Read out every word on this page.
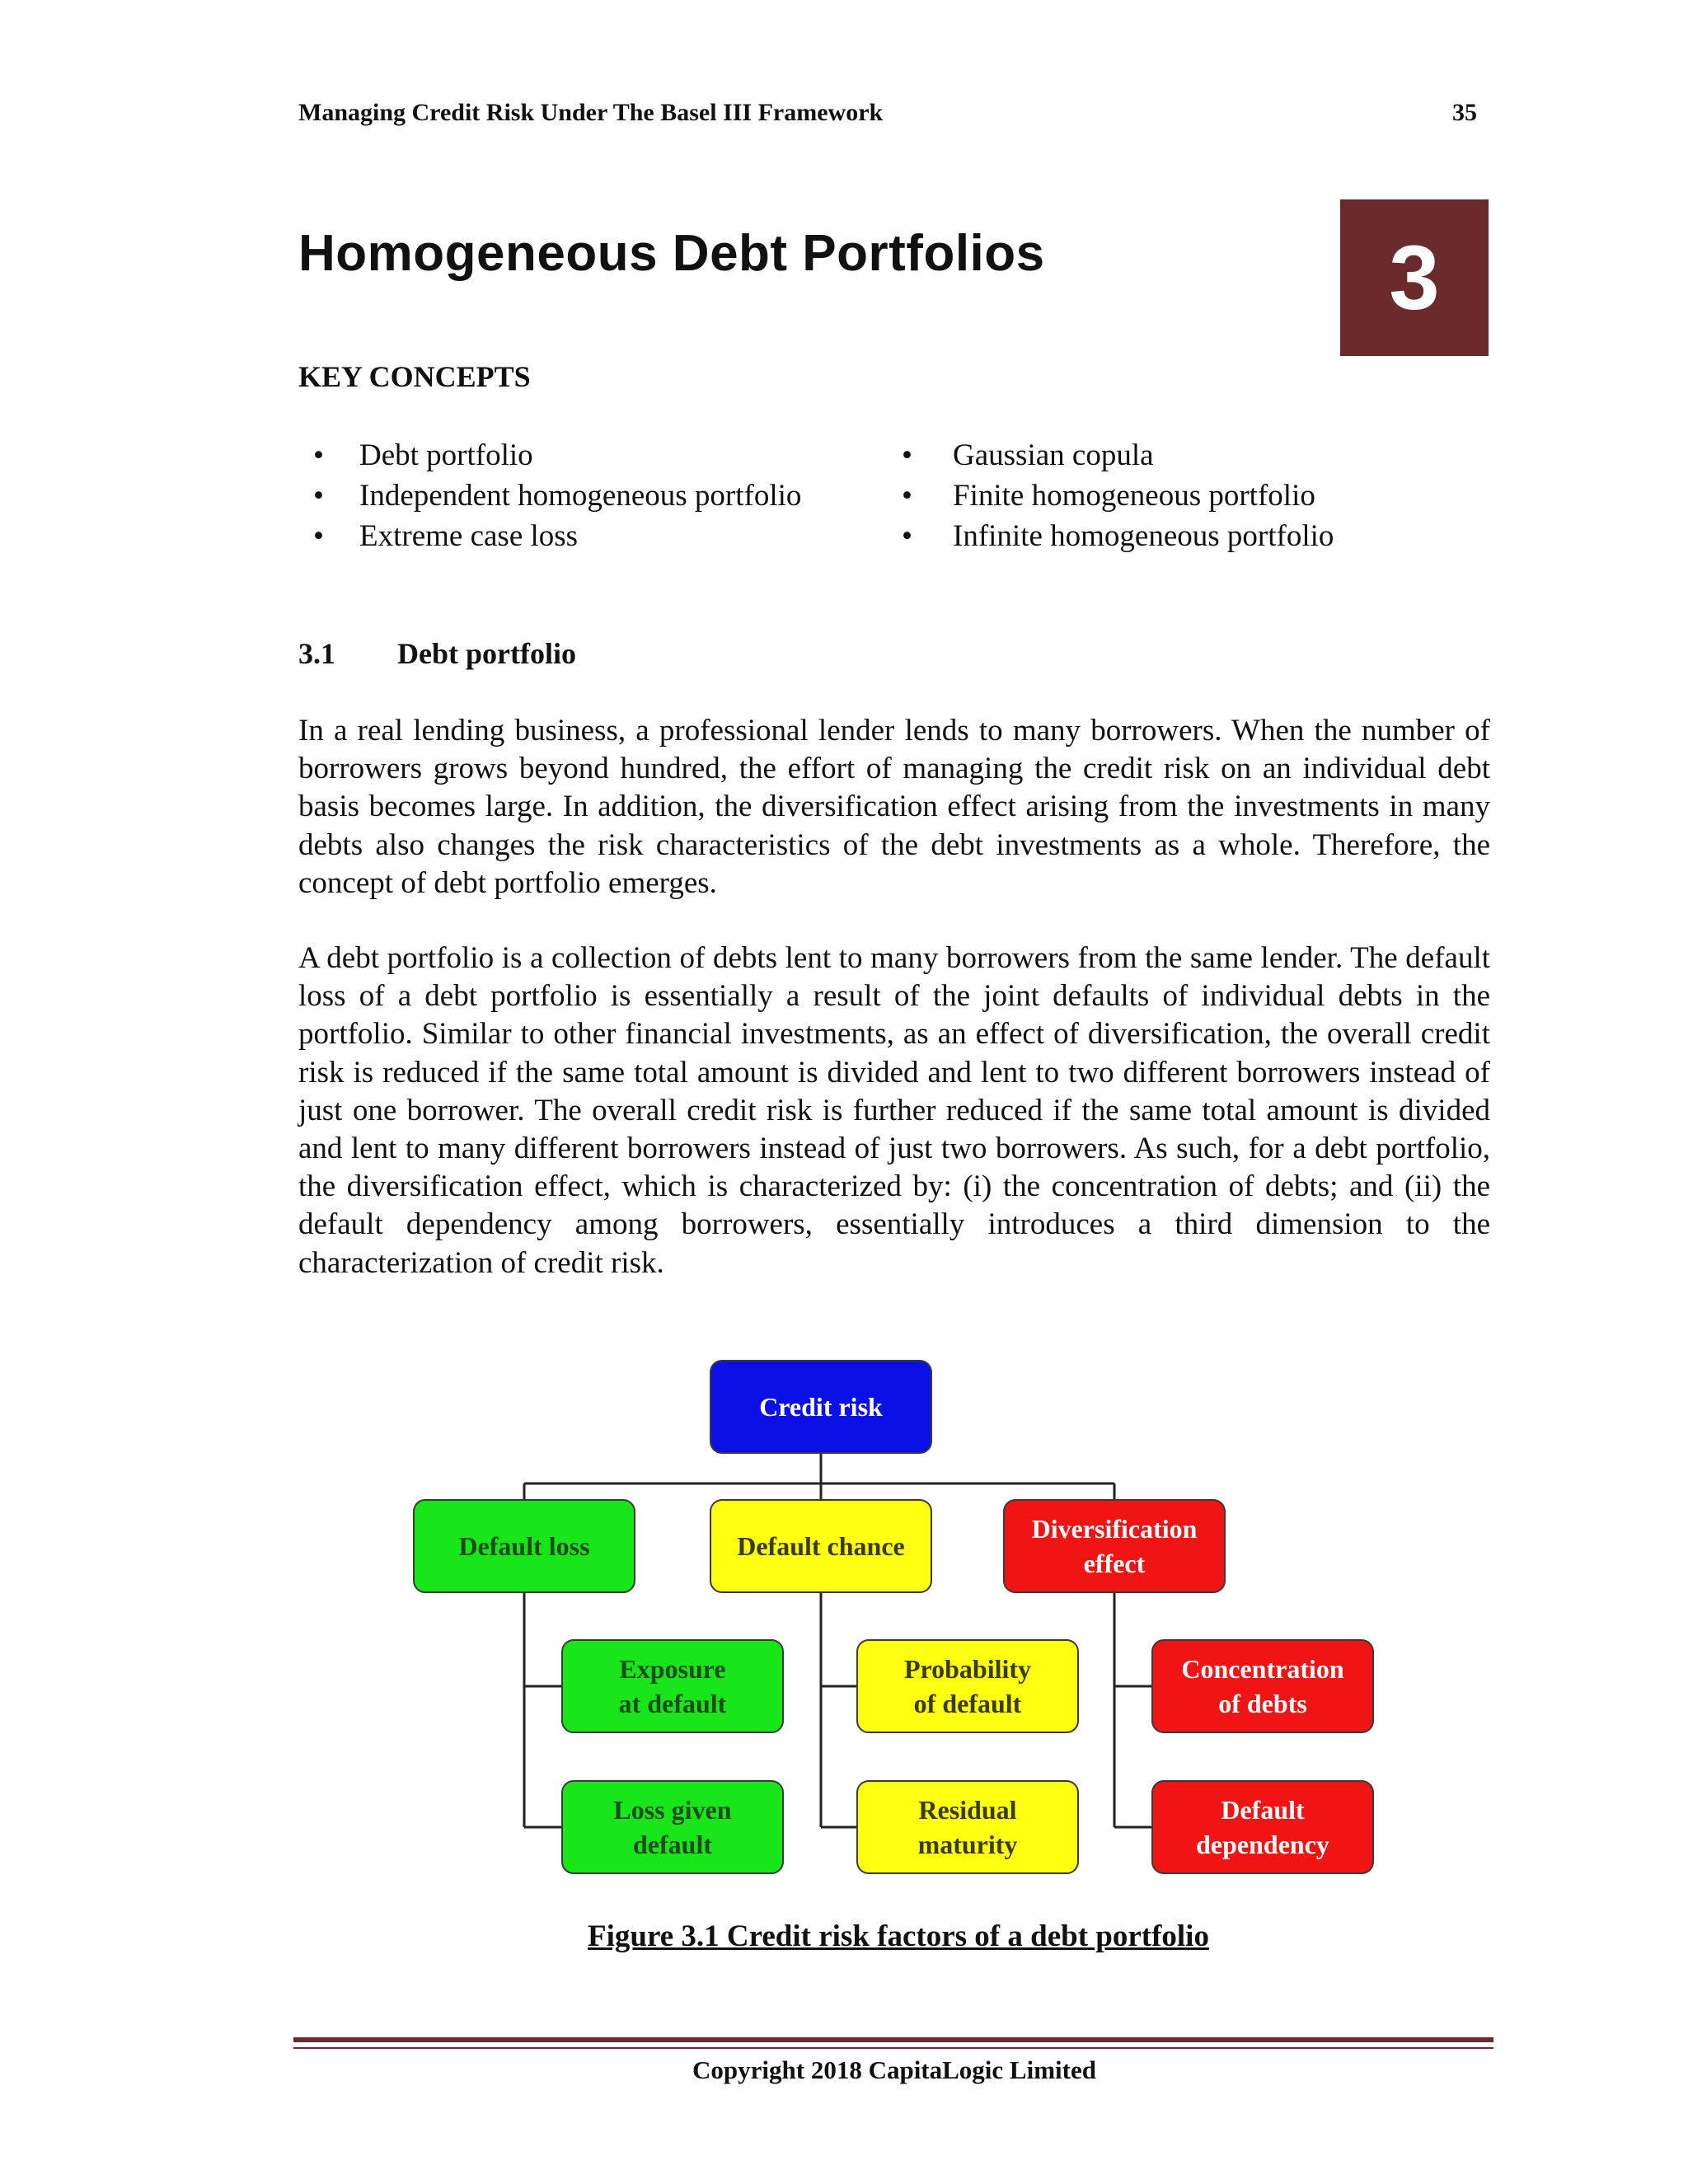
Managing Credit Risk Under The Basel III Framework	35
Homogeneous Debt Portfolios	3
KEY CONCEPTS
• Debt portfolio
• Independent homogeneous portfolio
• Extreme case loss
• Gaussian copula
• Finite homogeneous portfolio
• Infinite homogeneous portfolio
3.1 Debt portfolio

In a real lending business, a professional lender lends to many borrowers. When the number of borrowers grows beyond hundred, the effort of managing the credit risk on an individual debt basis becomes large. In addition, the diversification effect arising from the investments in many debts also changes the risk characteristics of the debt investments as a whole. Therefore, the concept of debt portfolio emerges.

A debt portfolio is a collection of debts lent to many borrowers from the same lender. The default loss of a debt portfolio is essentially a result of the joint defaults of individual debts in the portfolio. Similar to other financial investments, as an effect of diversification, the overall credit risk is reduced if the same total amount is divided and lent to two different borrowers instead of just one borrower. The overall credit risk is further reduced if the same total amount is divided and lent to many different borrowers instead of just two borrowers. As such, for a debt portfolio, the diversification effect, which is characterized by: (i) the concentration of debts; and (ii) the default dependency among borrowers, essentially introduces a third dimension to the characterization of credit risk.

Credit risk
Default loss	Default chance
Diversification
effect
Exposure
at default
Loss given
default
Probability
of default
Residual
maturity
Concentration
of debts
Default
dependency
Figure 3.1 Credit risk factors of a debt portfolio
Copyright 2018 CapitaLogic Limited
